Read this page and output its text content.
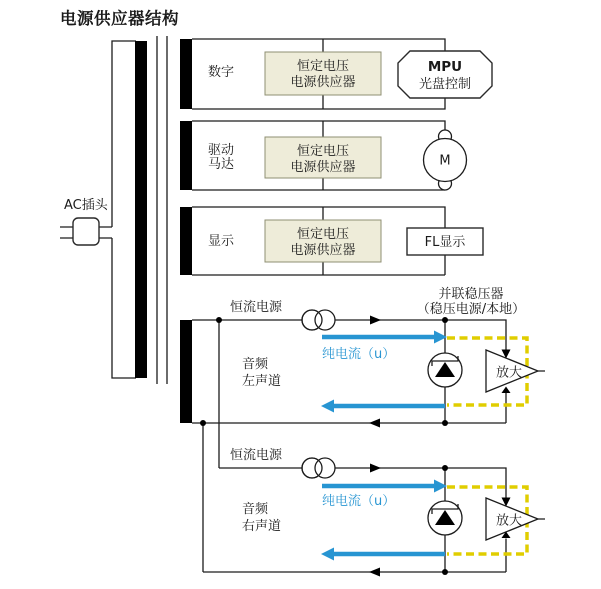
电源供应器结构
AC插头
数字	恒定电压
电源供应器
MPU
光盘控制
驱动
马达
恒定电压
电源供应器	M
显示	恒定电压
电源供应器
FL显示
并联稳压器
（稳压电源/本地）
放大
恒流电源
音频
左声道
纯电流（u）
放大
恒流电源
音频
右声道
纯电流（u）
